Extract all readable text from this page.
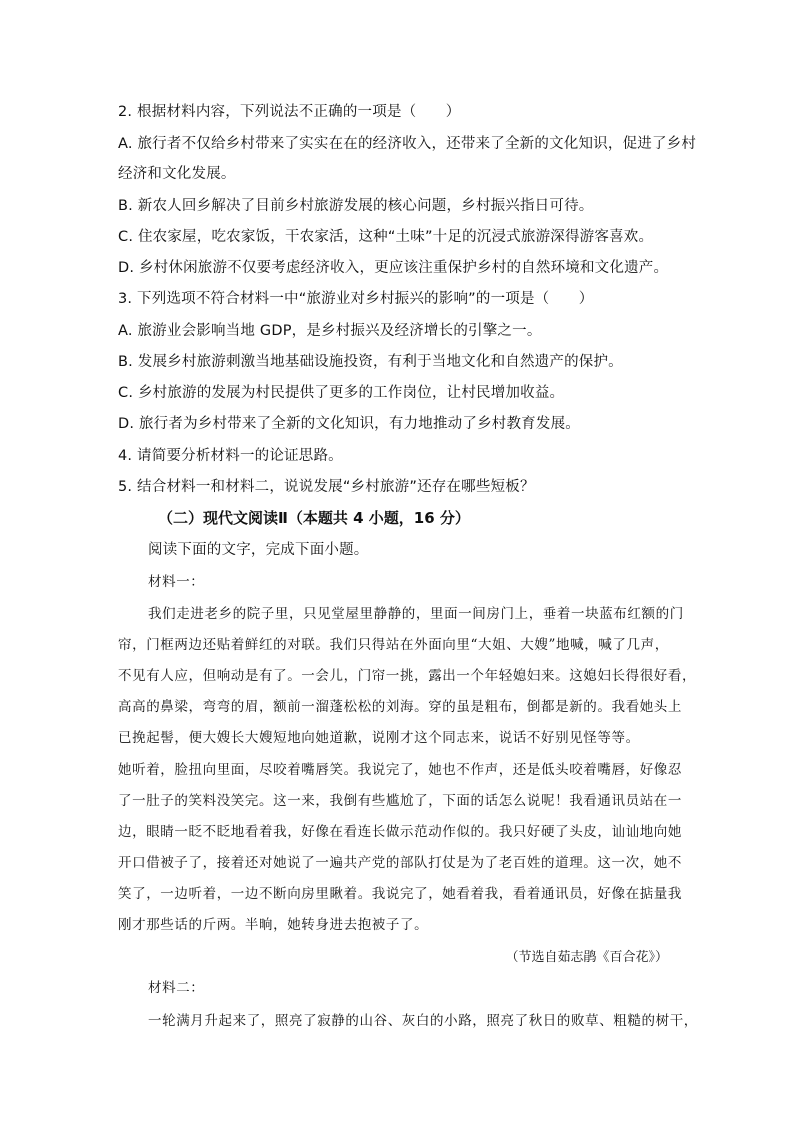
2. 根据材料内容，下列说法不正确的一项是（　　）
A. 旅行者不仅给乡村带来了实实在在的经济收入，还带来了全新的文化知识，促进了乡村
经济和文化发展。
B. 新农人回乡解决了目前乡村旅游发展的核心问题，乡村振兴指日可待。
C. 住农家屋，吃农家饭，干农家活，这种“土味”十足的沉浸式旅游深得游客喜欢。
D. 乡村休闲旅游不仅要考虑经济收入，更应该注重保护乡村的自然环境和文化遗产。
3. 下列选项不符合材料一中“旅游业对乡村振兴的影响”的一项是（　　）
A. 旅游业会影响当地 GDP，是乡村振兴及经济增长的引擎之一。
B. 发展乡村旅游刺激当地基础设施投资，有利于当地文化和自然遗产的保护。
C. 乡村旅游的发展为村民提供了更多的工作岗位，让村民增加收益。
D. 旅行者为乡村带来了全新的文化知识，有力地推动了乡村教育发展。
4. 请简要分析材料一的论证思路。
5. 结合材料一和材料二，说说发展“乡村旅游”还存在哪些短板？
（二）现代文阅读Ⅱ（本题共 4 小题，16 分）
阅读下面的文字，完成下面小题。
材料一：
我们走进老乡的院子里，只见堂屋里静静的，里面一间房门上，垂着一块蓝布红额的门
帘，门框两边还贴着鲜红的对联。我们只得站在外面向里“大姐、大嫂”地喊，喊了几声，
不见有人应，但响动是有了。一会儿，门帘一挑，露出一个年轻媳妇来。这媳妇长得很好看，
高高的鼻梁，弯弯的眉，额前一溜蓬松松的刘海。穿的虽是粗布，倒都是新的。我看她头上
已挽起髻，便大嫂长大嫂短地向她道歉，说刚才这个同志来，说话不好别见怪等等。
她听着，脸扭向里面，尽咬着嘴唇笑。我说完了，她也不作声，还是低头咬着嘴唇，好像忍
了一肚子的笑料没笑完。这一来，我倒有些尴尬了，下面的话怎么说呢！我看通讯员站在一
边，眼睛一眨不眨地看着我，好像在看连长做示范动作似的。我只好硬了头皮，讪讪地向她
开口借被子了，接着还对她说了一遍共产党的部队打仗是为了老百姓的道理。这一次，她不
笑了，一边听着，一边不断向房里瞅着。我说完了，她看着我，看着通讯员，好像在掂量我
刚才那些话的斤两。半晌，她转身进去抱被子了。
（节选自茹志鹃《百合花》）
材料二：
一轮满月升起来了，照亮了寂静的山谷、灰白的小路，照亮了秋日的败草、粗糙的树干，
